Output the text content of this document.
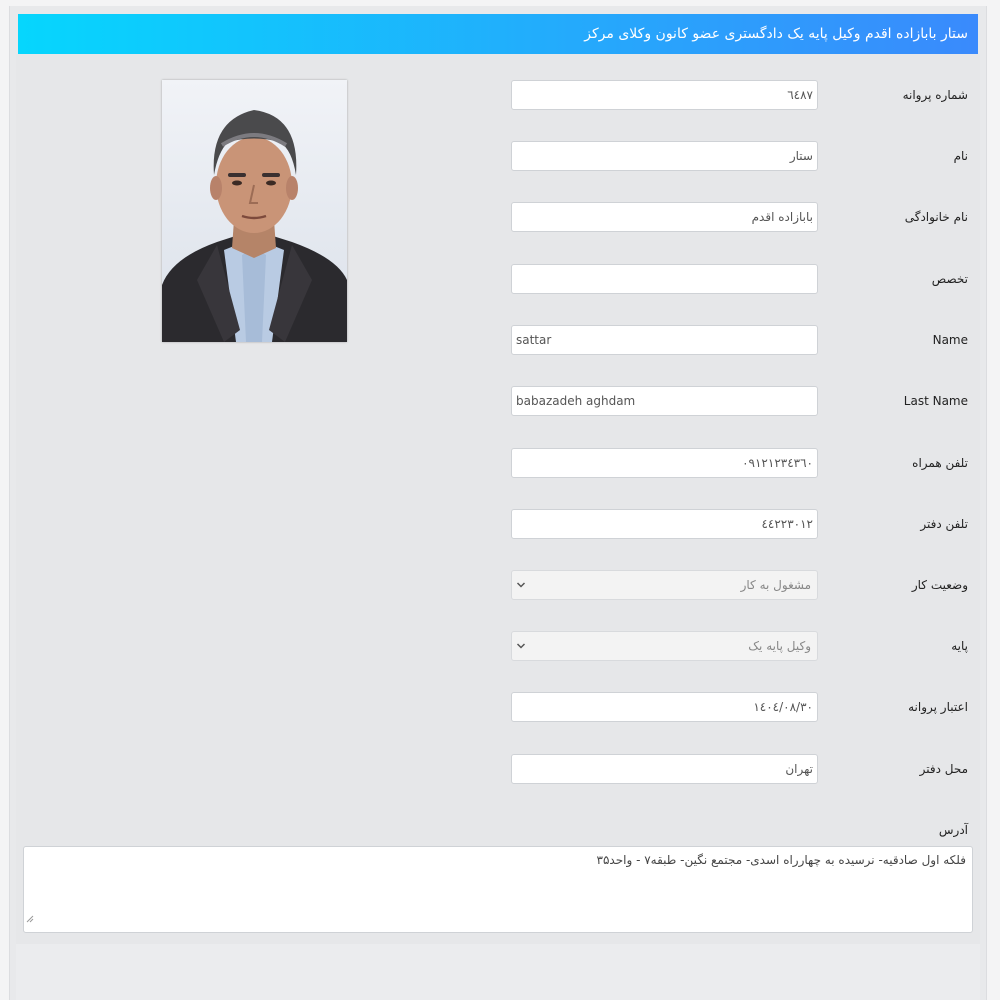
ستار بابازاده اقدم وکیل پایه یک دادگستری عضو کانون وکلای مرکز
شماره پروانه
٦٤٨٧
نام
ستار
نام خانوادگی
بابازاده اقدم
تخصص
Name
sattar
Last Name
babazadeh aghdam
تلفن همراه
٠٩١٢١٢٣٤٣٦٠
تلفن دفتر
٤٤٢٢٣٠١٢
وضعیت کار
مشغول به کار
پایه
وکیل پایه یک
اعتبار پروانه
١٤٠٤/٠٨/٣٠
محل دفتر
تهران
آدرس
فلکه اول صادقیه- نرسیده به چهارراه اسدی- مجتمع نگین- طبقه۷ - واحد۳۵
